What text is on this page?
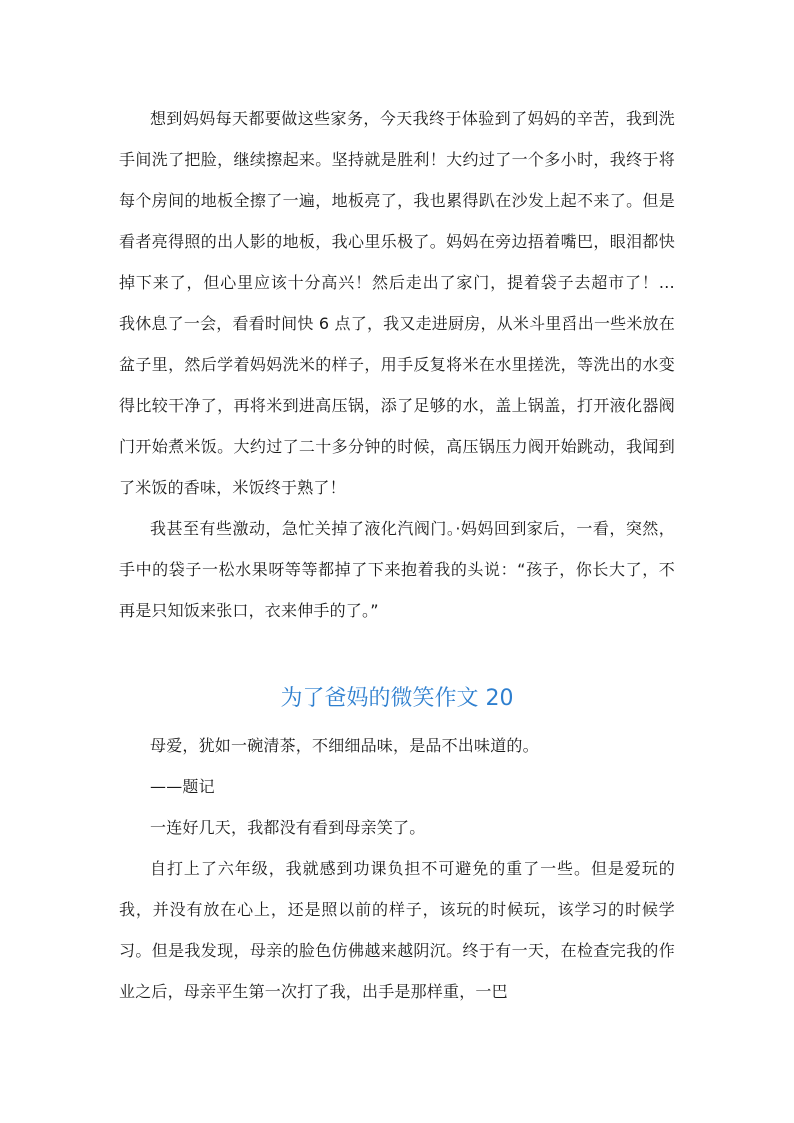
想到妈妈每天都要做这些家务，今天我终于体验到了妈妈的辛苦，我到洗手间洗了把脸，继续擦起来。坚持就是胜利！大约过了一个多小时，我终于将每个房间的地板全擦了一遍，地板亮了，我也累得趴在沙发上起不来了。但是看者亮得照的出人影的地板，我心里乐极了。妈妈在旁边捂着嘴巴，眼泪都快掉下来了，但心里应该十分高兴！然后走出了家门，提着袋子去超市了！… 我休息了一会，看看时间快 6 点了，我又走进厨房，从米斗里舀出一些米放在盆子里，然后学着妈妈洗米的样子，用手反复将米在水里搓洗，等洗出的水变得比较干净了，再将米到进高压锅，添了足够的水，盖上锅盖，打开液化器阀门开始煮米饭。大约过了二十多分钟的时候，高压锅压力阀开始跳动，我闻到了米饭的香味，米饭终于熟了！

我甚至有些激动，急忙关掉了液化汽阀门。·妈妈回到家后，一看，突然，手中的袋子一松水果呀等等都掉了下来抱着我的头说：“孩子，你长大了，不再是只知饭来张口，衣来伸手的了。”

为了爸妈的微笑作文 20

母爱，犹如一碗清茶，不细细品味，是品不出味道的。

——题记

一连好几天，我都没有看到母亲笑了。

自打上了六年级，我就感到功课负担不可避免的重了一些。但是爱玩的我，并没有放在心上，还是照以前的样子，该玩的时候玩，该学习的时候学习。但是我发现，母亲的脸色仿佛越来越阴沉。终于有一天，在检查完我的作业之后，母亲平生第一次打了我，出手是那样重，一巴
